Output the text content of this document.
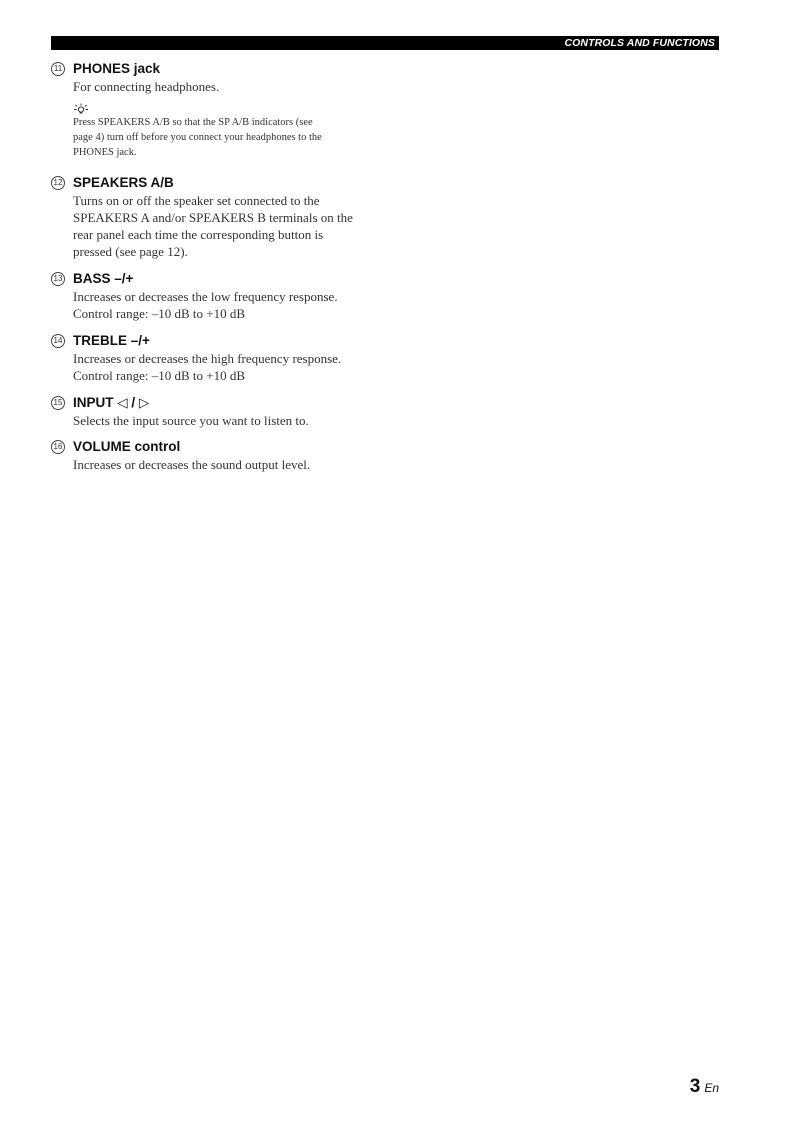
CONTROLS AND FUNCTIONS
11 PHONES jack
For connecting headphones.
Press SPEAKERS A/B so that the SP A/B indicators (see
page 4) turn off before you connect your headphones to the
PHONES jack.
12 SPEAKERS A/B
Turns on or off the speaker set connected to the
SPEAKERS A and/or SPEAKERS B terminals on the
rear panel each time the corresponding button is
pressed (see page 12).
13 BASS –/+
Increases or decreases the low frequency response.
Control range: –10 dB to +10 dB
14 TREBLE –/+
Increases or decreases the high frequency response.
Control range: –10 dB to +10 dB
15 INPUT ◁ / ▷
Selects the input source you want to listen to.
16 VOLUME control
Increases or decreases the sound output level.
3 En
